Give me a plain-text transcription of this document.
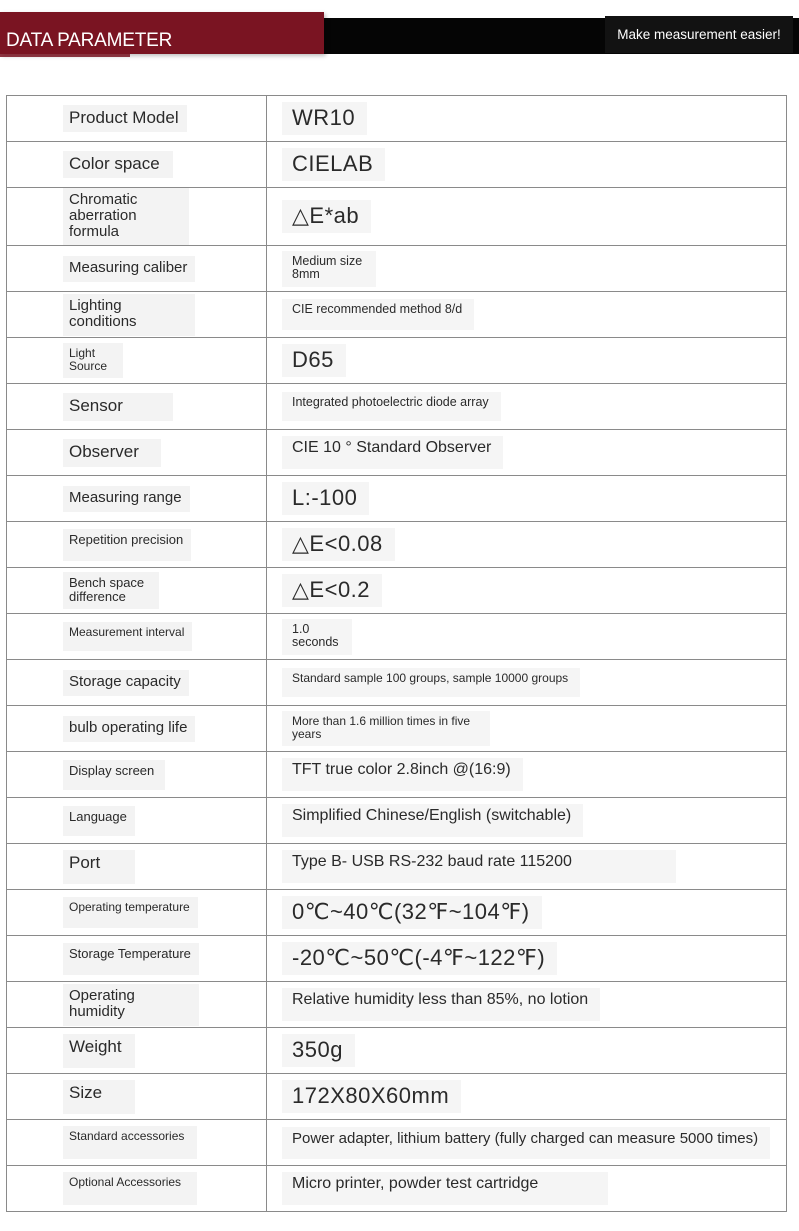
DATA PARAMETER	Make measurement easier!
Product Model	WR10
Color space	CIELAB
Chromatic aberration formula	△E*ab
Measuring caliber	Medium size 8mm
Lighting conditions	CIE recommended method 8/d
Light Source	D65
Sensor	Integrated photoelectric diode array
Observer	CIE 10 ° Standard Observer
Measuring range	L:-100
Repetition precision	△E<0.08
Bench space difference	△E<0.2
Measurement interval	1.0 seconds
Storage capacity	Standard sample 100 groups, sample 10000 groups
bulb operating life	More than 1.6 million times in five years
Display screen	TFT true color 2.8inch @(16:9)
Language	Simplified Chinese/English (switchable)
Port	Type B- USB RS-232 baud rate 115200
Operating temperature	0℃~40℃(32℉~104℉)
Storage Temperature	-20℃~50℃(-4℉~122℉)
Operating humidity	Relative humidity less than 85%, no lotion
Weight	350g
Size	172X80X60mm
Standard accessories	Power adapter, lithium battery (fully charged can measure 5000 times)
Optional Accessories	Micro printer, powder test cartridge
